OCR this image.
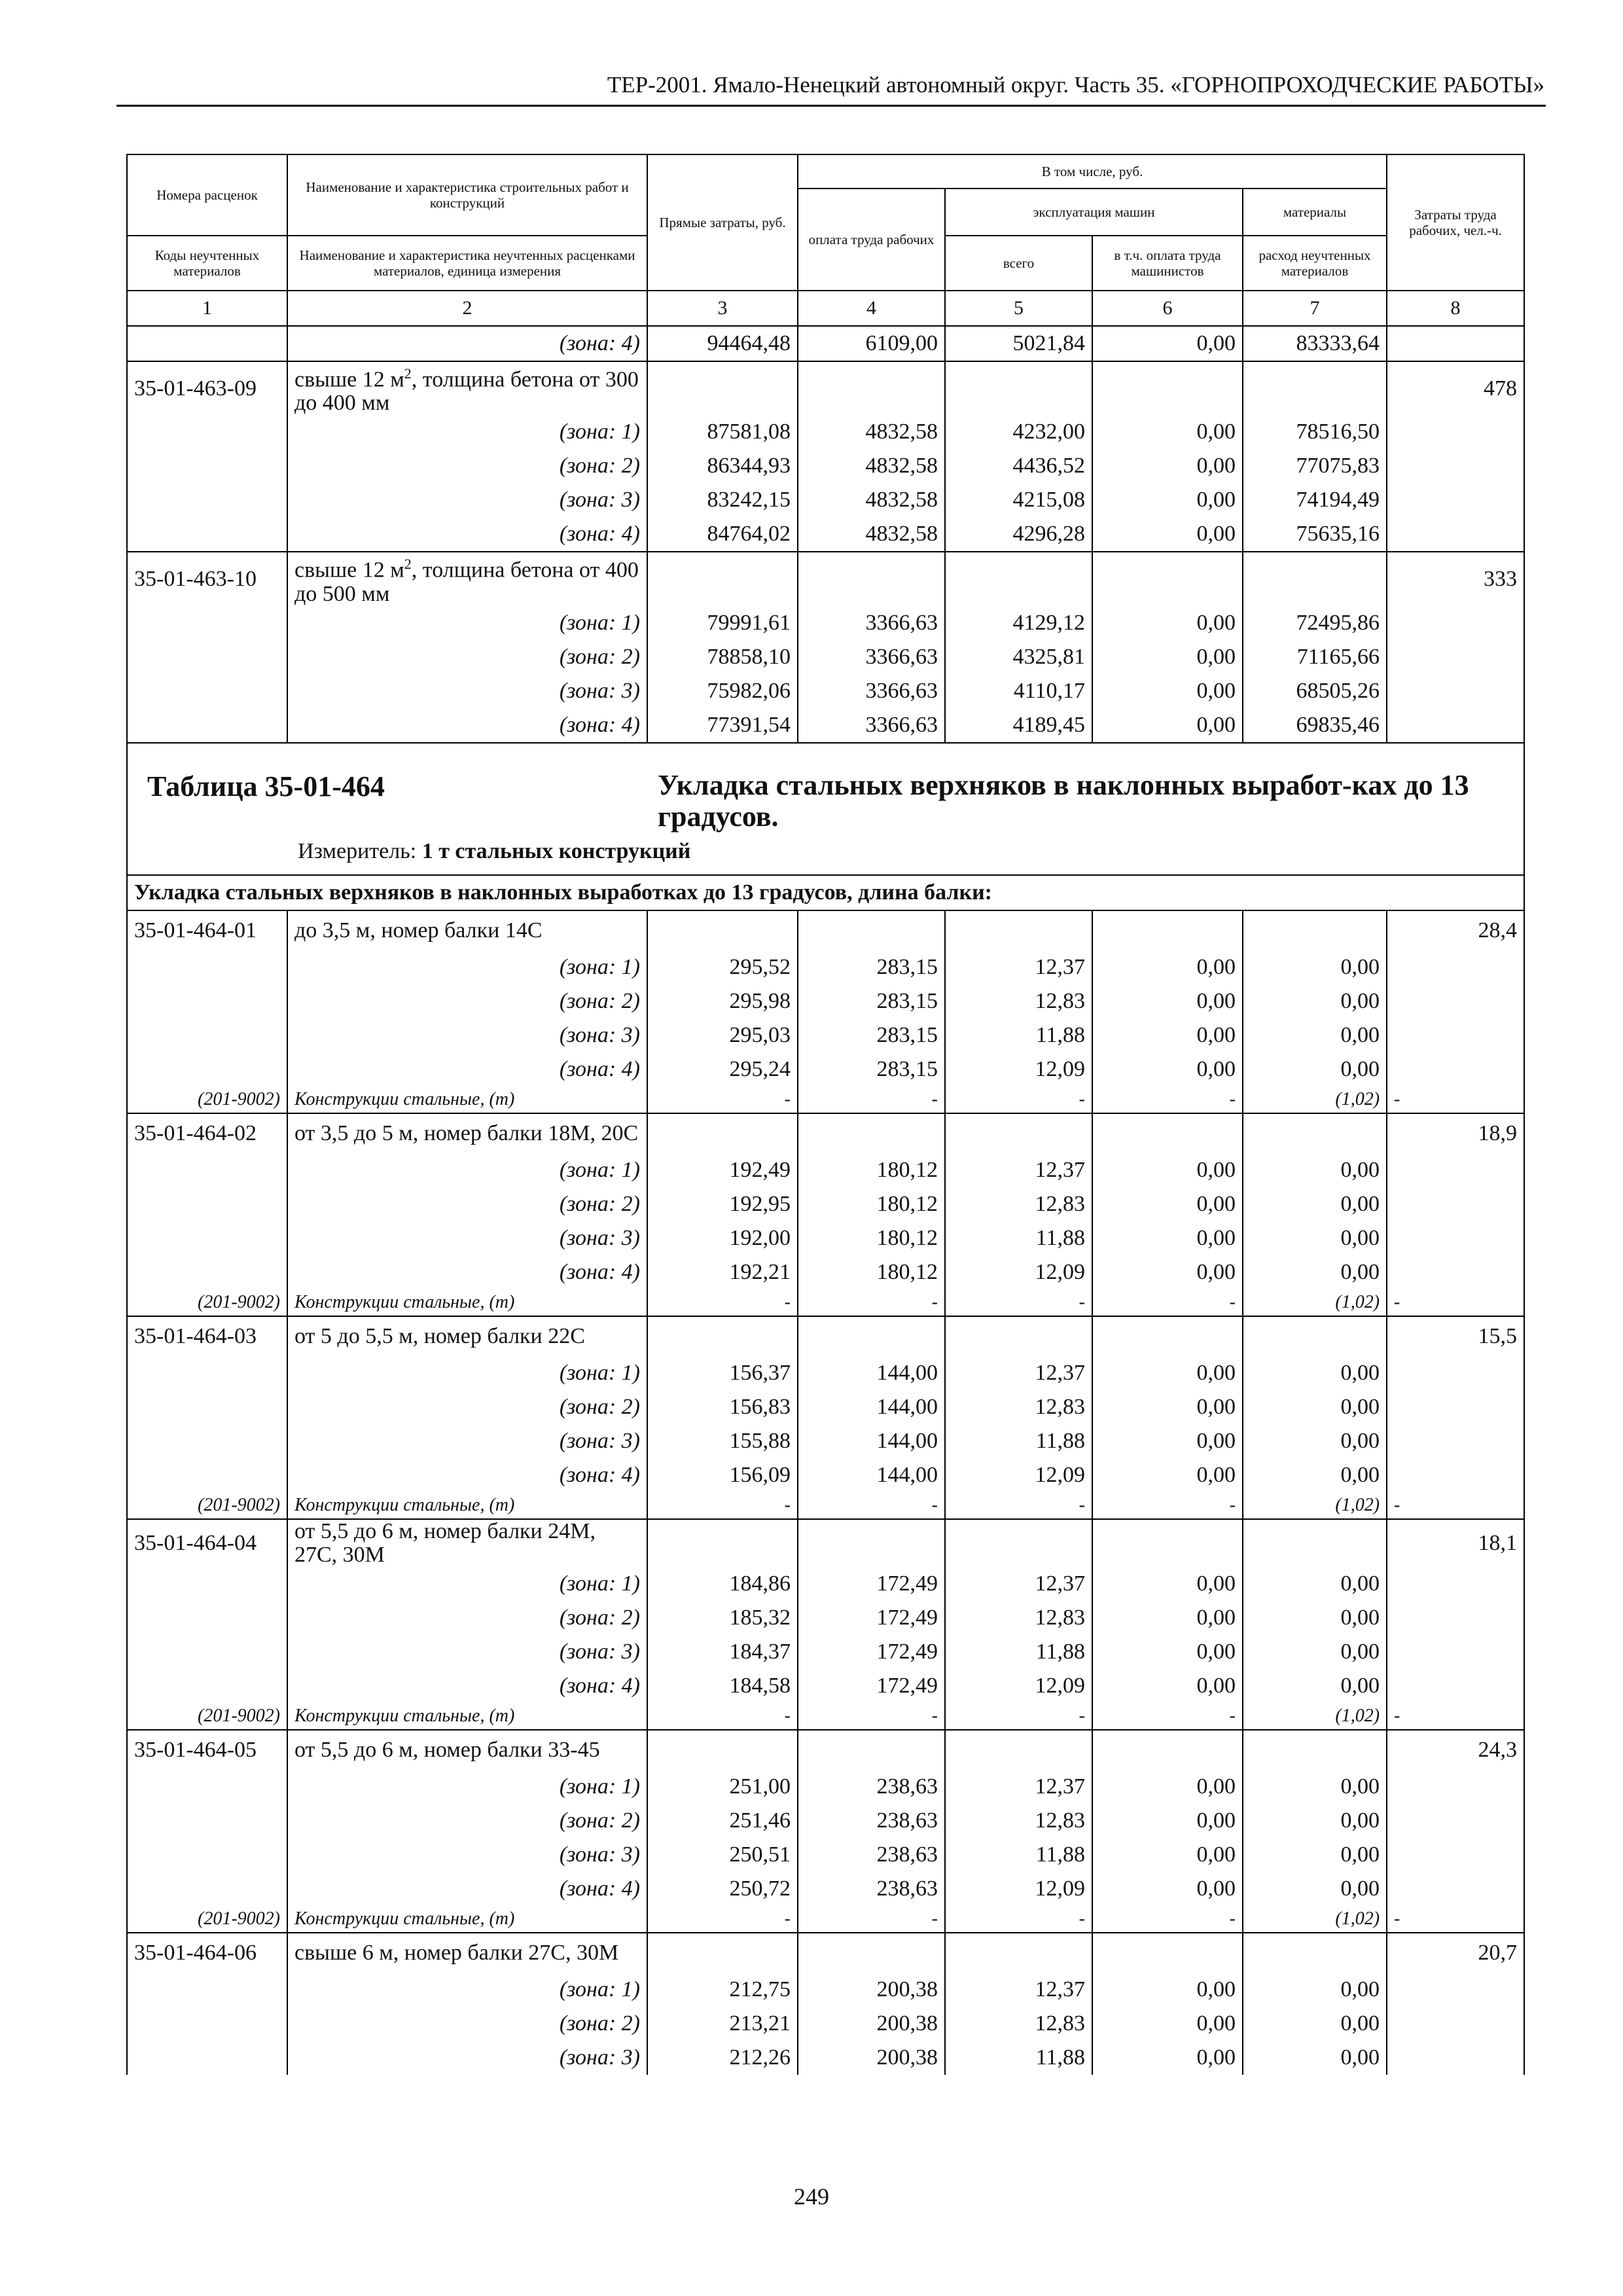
ТЕР-2001. Ямало-Ненецкий автономный округ. Часть 35. «ГОРНОПРОХОДЧЕСКИЕ РАБОТЫ»
Номера расценок	Наименование и характеристика строительных работ и конструкций	Прямые затраты, руб.	В том числе, руб.				Затраты труда рабочих, чел.-ч.
			оплата труда рабочих	эксплуатация машин		материалы	
Коды неучтенных материалов	Наименование и характеристика неучтенных расценками материалов, единица измерения			всего	в т.ч. оплата труда машинистов	расход неучтенных материалов	
1	2	3	4	5	6	7	8
	(зона: 4)	94464,48	6109,00	5021,84	0,00	83333,64	
35-01-463-09	свыше 12 $м^2$, толщина бетона от 300 до 400 мм						478
	(зона: 1)	87581,08	4832,58	4232,00	0,00	78516,50	
	(зона: 2)	86344,93	4832,58	4436,52	0,00	77075,83	
	(зона: 3)	83242,15	4832,58	4215,08	0,00	74194,49	
	(зона: 4)	84764,02	4832,58	4296,28	0,00	75635,16	
35-01-463-10	свыше 12 $м^2$, толщина бетона от 400 до 500 мм						333
	(зона: 1)	79991,61	3366,63	4129,12	0,00	72495,86	
	(зона: 2)	78858,10	3366,63	4325,81	0,00	71165,66	
	(зона: 3)	75982,06	3366,63	4110,17	0,00	68505,26	
	(зона: 4)	77391,54	3366,63	4189,45	0,00	69835,46	

Таблица 35-01-464 Укладка стальных верхняков в наклонных выработ-ках до 13 градусов.
Измеритель: 1 т стальных конструкций							

Укладка стальных верхняков в наклонных выработках до 13 градусов, длина балки:							
35-01-464-01	до 3,5 м, номер балки 14С						28,4
	(зона: 1)	295,52	283,15	12,37	0,00	0,00	
	(зона: 2)	295,98	283,15	12,83	0,00	0,00	
	(зона: 3)	295,03	283,15	11,88	0,00	0,00	
	(зона: 4)	295,24	283,15	12,09	0,00	0,00	
(201-9002)	Конструкции стальные, (т)	-	-	-	-	(1,02)	-
35-01-464-02	от 3,5 до 5 м, номер балки 18М, 20С						18,9
	(зона: 1)	192,49	180,12	12,37	0,00	0,00	
	(зона: 2)	192,95	180,12	12,83	0,00	0,00	
	(зона: 3)	192,00	180,12	11,88	0,00	0,00	
	(зона: 4)	192,21	180,12	12,09	0,00	0,00	
(201-9002)	Конструкции стальные, (т)	-	-	-	-	(1,02)	-
35-01-464-03	от 5 до 5,5 м, номер балки 22С						15,5
	(зона: 1)	156,37	144,00	12,37	0,00	0,00	
	(зона: 2)	156,83	144,00	12,83	0,00	0,00	
	(зона: 3)	155,88	144,00	11,88	0,00	0,00	
	(зона: 4)	156,09	144,00	12,09	0,00	0,00	
(201-9002)	Конструкции стальные, (т)	-	-	-	-	(1,02)	-
35-01-464-04	от 5,5 до 6 м, номер балки 24М, 27С, 30М						18,1
	(зона: 1)	184,86	172,49	12,37	0,00	0,00	
	(зона: 2)	185,32	172,49	12,83	0,00	0,00	
	(зона: 3)	184,37	172,49	11,88	0,00	0,00	
	(зона: 4)	184,58	172,49	12,09	0,00	0,00	
(201-9002)	Конструкции стальные, (т)	-	-	-	-	(1,02)	-
35-01-464-05	от 5,5 до 6 м, номер балки 33-45						24,3
	(зона: 1)	251,00	238,63	12,37	0,00	0,00	
	(зона: 2)	251,46	238,63	12,83	0,00	0,00	
	(зона: 3)	250,51	238,63	11,88	0,00	0,00	
	(зона: 4)	250,72	238,63	12,09	0,00	0,00	
(201-9002)	Конструкции стальные, (т)	-	-	-	-	(1,02)	-
35-01-464-06	свыше 6 м, номер балки 27С, 30М						20,7
	(зона: 1)	212,75	200,38	12,37	0,00	0,00	
	(зона: 2)	213,21	200,38	12,83	0,00	0,00	
	(зона: 3)	212,26	200,38	11,88	0,00	0,00	
249
